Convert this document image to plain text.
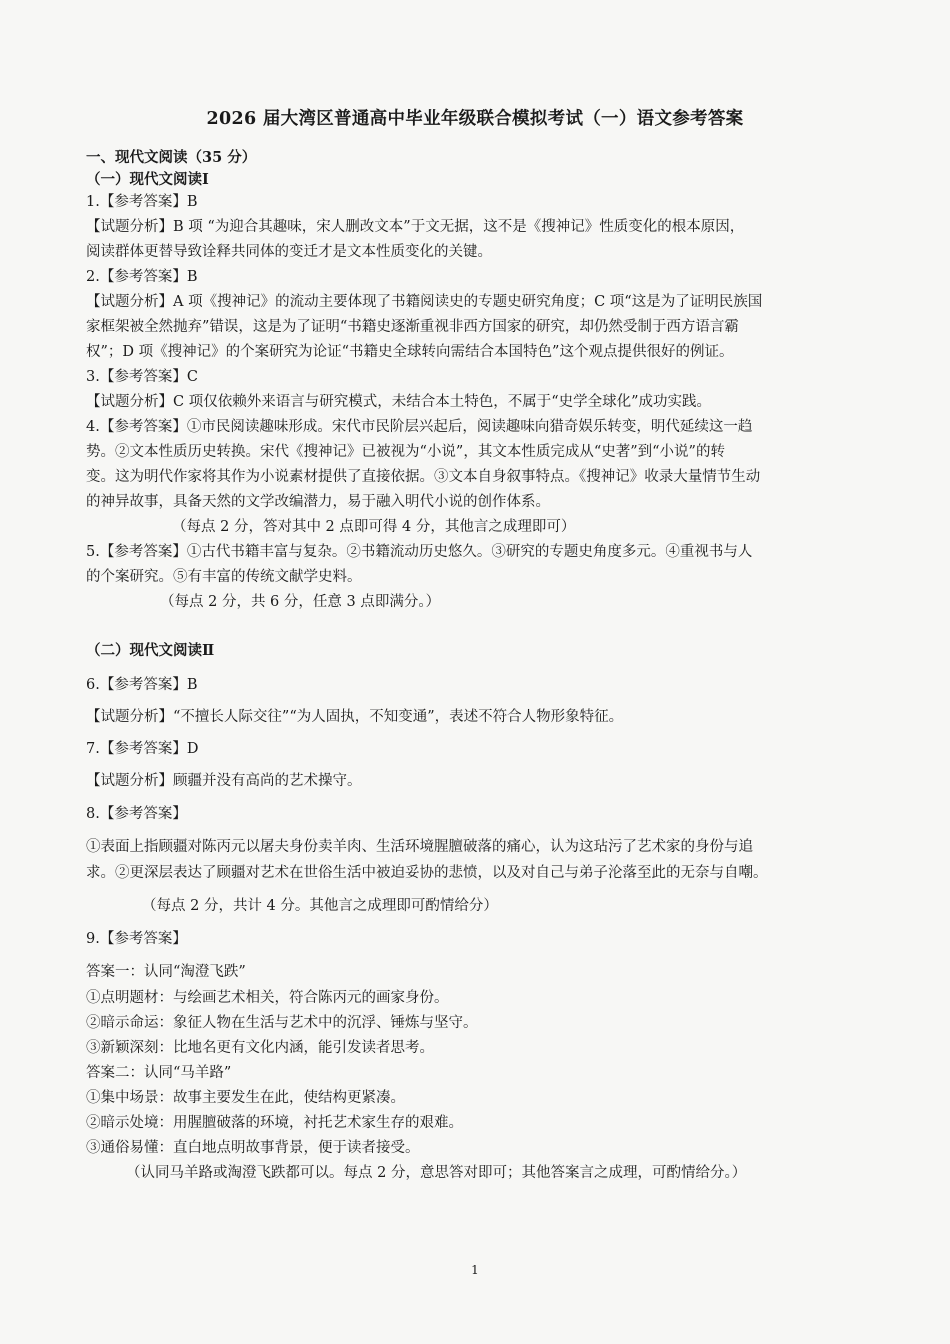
2026 届大湾区普通高中毕业年级联合模拟考试（一）语文参考答案
一、现代文阅读（35 分）
（一）现代文阅读Ⅰ
1.【参考答案】B
【试题分析】B 项 “为迎合其趣味，宋人删改文本”于文无据，这不是《搜神记》性质变化的根本原因，
阅读群体更替导致诠释共同体的变迁才是文本性质变化的关键。
2.【参考答案】B
【试题分析】A 项《搜神记》的流动主要体现了书籍阅读史的专题史研究角度；C 项“这是为了证明民族国
家框架被全然抛弃”错误，这是为了证明“书籍史逐渐重视非西方国家的研究，却仍然受制于西方语言霸
权”；D 项《搜神记》的个案研究为论证“书籍史全球转向需结合本国特色”这个观点提供很好的例证。
3.【参考答案】C
【试题分析】C 项仅依赖外来语言与研究模式，未结合本土特色，不属于“史学全球化”成功实践。
4.【参考答案】①市民阅读趣味形成。宋代市民阶层兴起后，阅读趣味向猎奇娱乐转变，明代延续这一趋
势。②文本性质历史转换。宋代《搜神记》已被视为“小说”，其文本性质完成从“史著”到“小说”的转
变。这为明代作家将其作为小说素材提供了直接依据。③文本自身叙事特点。《搜神记》收录大量情节生动
的神异故事，具备天然的文学改编潜力，易于融入明代小说的创作体系。
（每点 2 分，答对其中 2 点即可得 4 分，其他言之成理即可）
5.【参考答案】①古代书籍丰富与复杂。②书籍流动历史悠久。③研究的专题史角度多元。④重视书与人
的个案研究。⑤有丰富的传统文献学史料。
（每点 2 分，共 6 分，任意 3 点即满分。）
（二）现代文阅读Ⅱ
6.【参考答案】B
【试题分析】“不擅长人际交往”“为人固执，不知变通”，表述不符合人物形象特征。
7.【参考答案】D
【试题分析】顾疆并没有高尚的艺术操守。
8.【参考答案】
①表面上指顾疆对陈丙元以屠夫身份卖羊肉、生活环境腥膻破落的痛心，认为这玷污了艺术家的身份与追
求。②更深层表达了顾疆对艺术在世俗生活中被迫妥协的悲愤，以及对自己与弟子沦落至此的无奈与自嘲。
（每点 2 分，共计 4 分。其他言之成理即可酌情给分）
9.【参考答案】
答案一：认同“淘澄飞跌”
①点明题材：与绘画艺术相关，符合陈丙元的画家身份。
②暗示命运：象征人物在生活与艺术中的沉浮、锤炼与坚守。
③新颖深刻：比地名更有文化内涵，能引发读者思考。
答案二：认同“马羊路”
①集中场景：故事主要发生在此，使结构更紧凑。
②暗示处境：用腥膻破落的环境，衬托艺术家生存的艰难。
③通俗易懂：直白地点明故事背景，便于读者接受。
（认同马羊路或淘澄飞跌都可以。每点 2 分，意思答对即可；其他答案言之成理，可酌情给分。）
1
